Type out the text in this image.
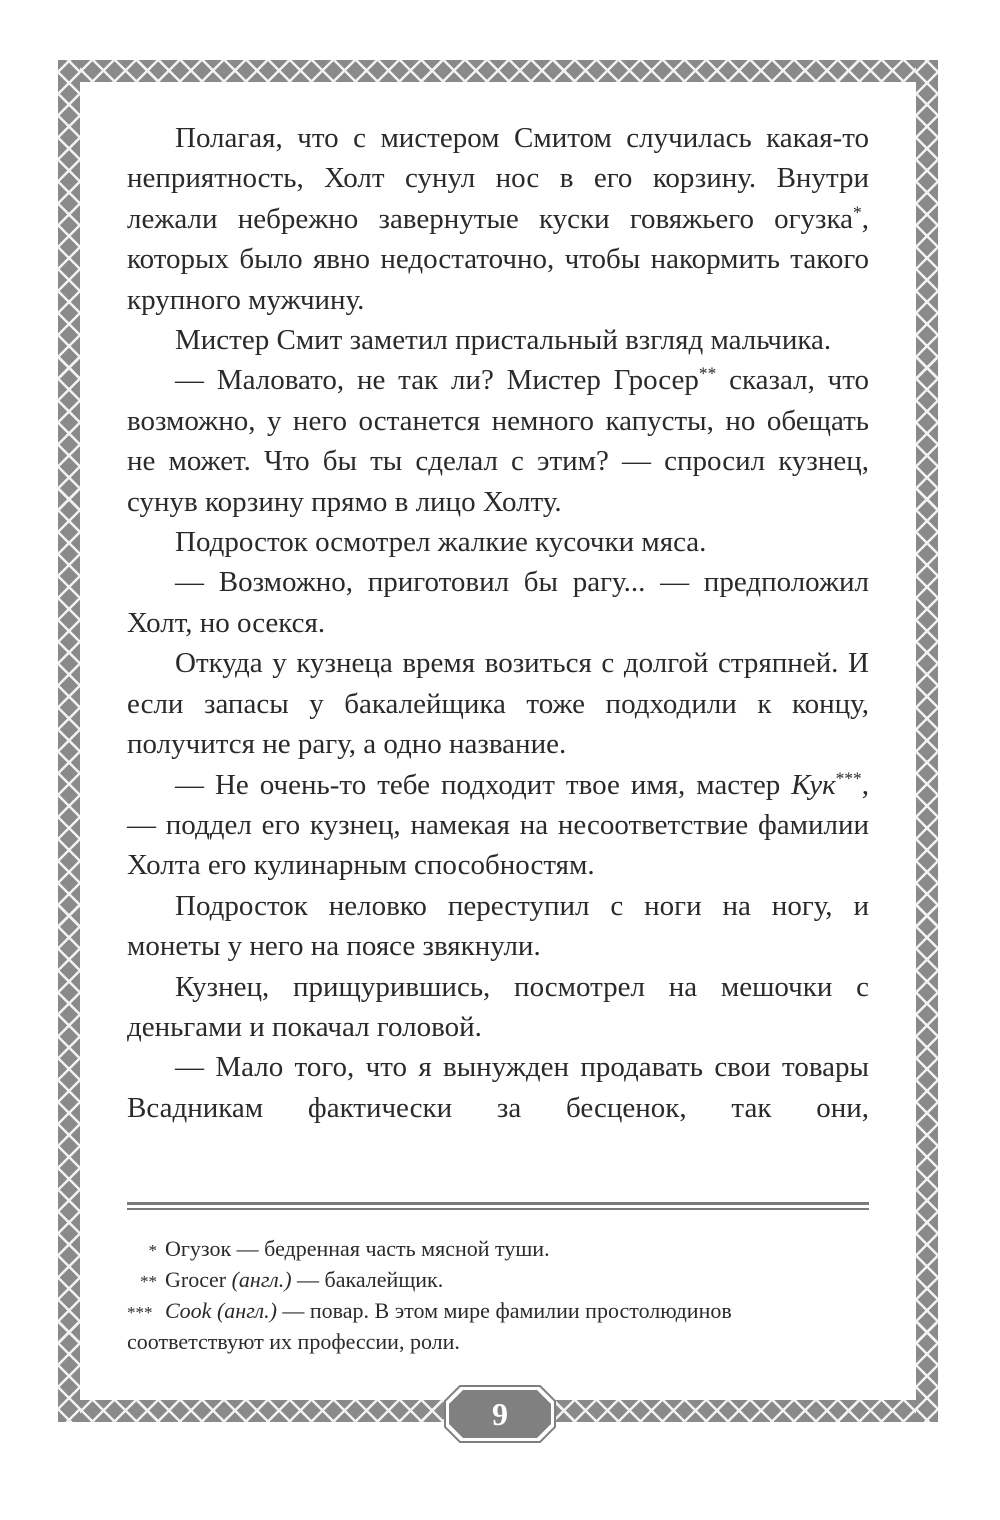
Полагая, что с мистером Смитом случилась какая-то неприятность, Холт сунул нос в его корзину. Внутри лежали небрежно завернутые куски говяжьего огузка*, которых было явно недостаточно, чтобы накормить такого крупного мужчину.

Мистер Смит заметил пристальный взгляд мальчика.

— Маловато, не так ли? Мистер Гросер** сказал, что возможно, у него останется немного капусты, но обещать не может. Что бы ты сделал с этим? — спросил кузнец, сунув корзину прямо в лицо Холту.

Подросток осмотрел жалкие кусочки мяса.

— Возможно, приготовил бы рагу... — предположил Холт, но осекся.

Откуда у кузнеца время возиться с долгой стряпней. И если запасы у бакалейщика тоже подходили к концу, получится не рагу, а одно название.

— Не очень-то тебе подходит твое имя, мастер Кук***, — поддел его кузнец, намекая на несоответствие фамилии Холта его кулинарным способностям.

Подросток неловко переступил с ноги на ногу, и монеты у него на поясе звякнули.

Кузнец, прищурившись, посмотрел на мешочки с деньгами и покачал головой.

— Мало того, что я вынужден продавать свои товары Всадникам фактически за бесценок, так они,

* Огузок — бедренная часть мясной туши.

** Grocer (англ.) — бакалейщик.

*** Cook (англ.) — повар. В этом мире фамилии простолюдинов

соответствуют их профессии, роли.

9
